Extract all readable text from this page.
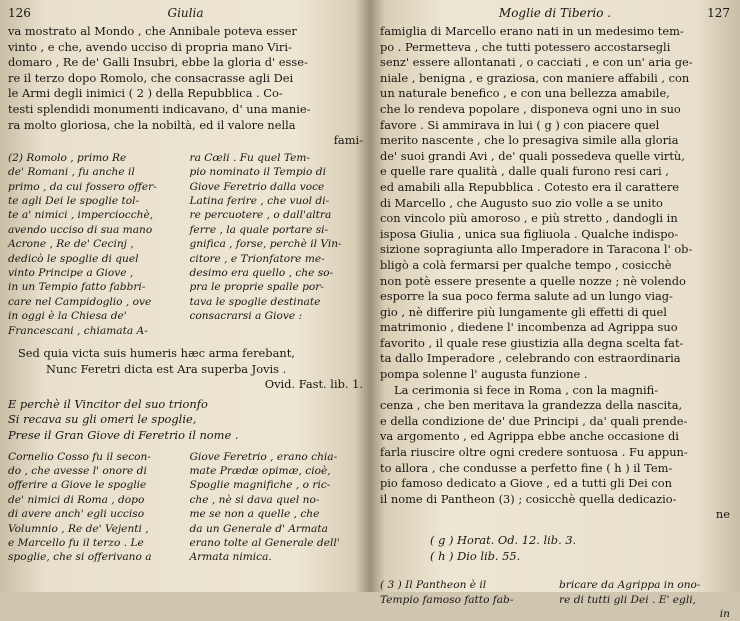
126	Giulia
va mostrato al Mondo , che Annibale poteva esser
vinto , e che, avendo ucciso di propria mano Viri-
domaro , Re de' Galli Insubri, ebbe la gloria d' esse-
re il terzo dopo Romolo, che consacrasse agli Dei
le Armi degli inimici ( 2 ) della Repubblica . Co-
testi splendidi monumenti indicavano, d' una manie-
ra molto gloriosa, che la nobiltà, ed il valore nella
fami-
(2) Romolo , primo Re
de' Romani , fu anche il
primo , da cui fossero offer-
te agli Dei le spoglie tol-
te a' nimici , imperciocchè,
avendo ucciso di sua mano
Acrone , Re de' Cecinj ,
dedicò le spoglie di quel
vinto Principe a Giove ,
in un Tempio fatto fabbri-
care nel Campidoglio , ove
in oggi è la Chiesa de'
Francescani , chiamata A-
ra Cœli . Fu quel Tem-
pio nominato il Tempio di
Giove Feretrio dalla voce
Latina ferire , che vuol di-
re percuotere , o dall'altra
ferre , la quale portare si-
gnifica , forse, perchè il Vin-
citore , e Trionfatore me-
desimo era quello , che so-
pra le proprie spalle por-
tava le spoglie destinate
consacrarsi a Giove :
Sed quia victa suis humeris hæc arma ferebant,
Nunc Feretri dicta est Ara superba Jovis .
Ovid. Fast. lib. 1.
E perchè il Vincitor del suo trionfo
Si recava su gli omeri le spoglie,
Prese il Gran Giove di Feretrio il nome .
Cornelio Cosso fu il secon-
do , che avesse l' onore di
offerire a Giove le spoglie
de' nimici di Roma , dopo
di avere anch' egli ucciso
Volumnio , Re de' Vejenti ,
e Marcello fu il terzo . Le
spoglie, che si offerivano a
Giove Feretrio , erano chia-
mate Prædæ opimæ, cioè,
Spoglie magnifiche , o ric-
che , nè si dava quel no-
me se non a quelle , che
da un Generale d' Armata
erano tolte al Generale dell'
Armata nimica.
Moglie di Tiberio .	127
famiglia di Marcello erano nati in un medesimo tem-
po . Permetteva , che tutti potessero accostarsegli
senz' essere allontanati , o cacciati , e con un' aria ge-
niale , benigna , e graziosa, con maniere affabili , con
un naturale benefico , e con una bellezza amabile,
che lo rendeva popolare , disponeva ogni uno in suo
favore . Si ammirava in lui ( g ) con piacere quel
merito nascente , che lo presagiva simile alla gloria
de' suoi grandi Avi , de' quali possedeva quelle virtù,
e quelle rare qualità , dalle quali furono resi cari ,
ed amabili alla Repubblica . Cotesto era il carattere
di Marcello , che Augusto suo zio volle a se unito
con vincolo più amoroso , e più stretto , dandogli in
isposa Giulia , unica sua figliuola . Qualche indispo-
sizione sopragiunta allo Imperadore in Taracona l' ob-
bligò a colà fermarsi per qualche tempo , cosicchè
non potè essere presente a quelle nozze ; nè volendo
esporre la sua poco ferma salute ad un lungo viag-
gio , nè differire più lungamente gli effetti di quel
matrimonio , diedene l' incombenza ad Agrippa suo
favorito , il quale rese giustizia alla degna scelta fat-
ta dallo Imperadore , celebrando con estraordinaria
pompa solenne l' augusta funzione .
La cerimonia si fece in Roma , con la magnifi-
cenza , che ben meritava la grandezza della nascita,
e della condizione de' due Principi , da' quali prende-
va argomento , ed Agrippa ebbe anche occasione di
farla riuscire oltre ogni credere sontuosa . Fu appun-
to allora , che condusse a perfetto fine ( h ) il Tem-
pio famoso dedicato a Giove , ed a tutti gli Dei con
il nome di Pantheon (3) ; cosicchè quella dedicazio-
ne
( g ) Horat. Od. 12. lib. 3.
( h ) Dio lib. 55.
( 3 ) Il Pantheon è il
Tempio famoso fatto fab-
bricare da Agrippa in ono-
re di tutti gli Dei . E' egli,
in
